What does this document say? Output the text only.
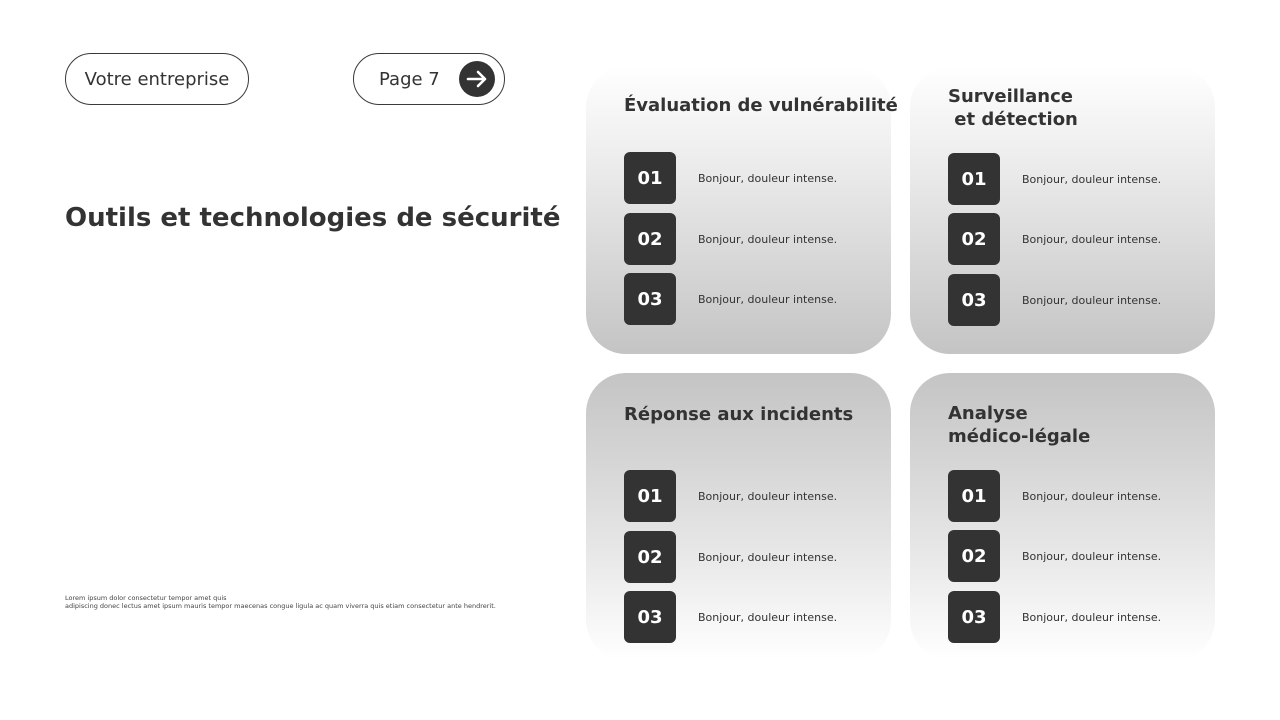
Votre entreprise	Page 7
Outils et technologies de sécurité
Lorem ipsum dolor consectetur tempor amet quis
adipiscing donec lectus amet ipsum mauris tempor maecenas congue ligula ac quam viverra quis etiam consectetur ante hendrerit.
Évaluation de vulnérabilité
01	Bonjour, douleur intense.
02	Bonjour, douleur intense.
03	Bonjour, douleur intense.
Surveillance
et détection
01	Bonjour, douleur intense.
02	Bonjour, douleur intense.
03	Bonjour, douleur intense.
Réponse aux incidents
01	Bonjour, douleur intense.
02	Bonjour, douleur intense.
03	Bonjour, douleur intense.
Analyse
médico-légale
01	Bonjour, douleur intense.
02	Bonjour, douleur intense.
03	Bonjour, douleur intense.
